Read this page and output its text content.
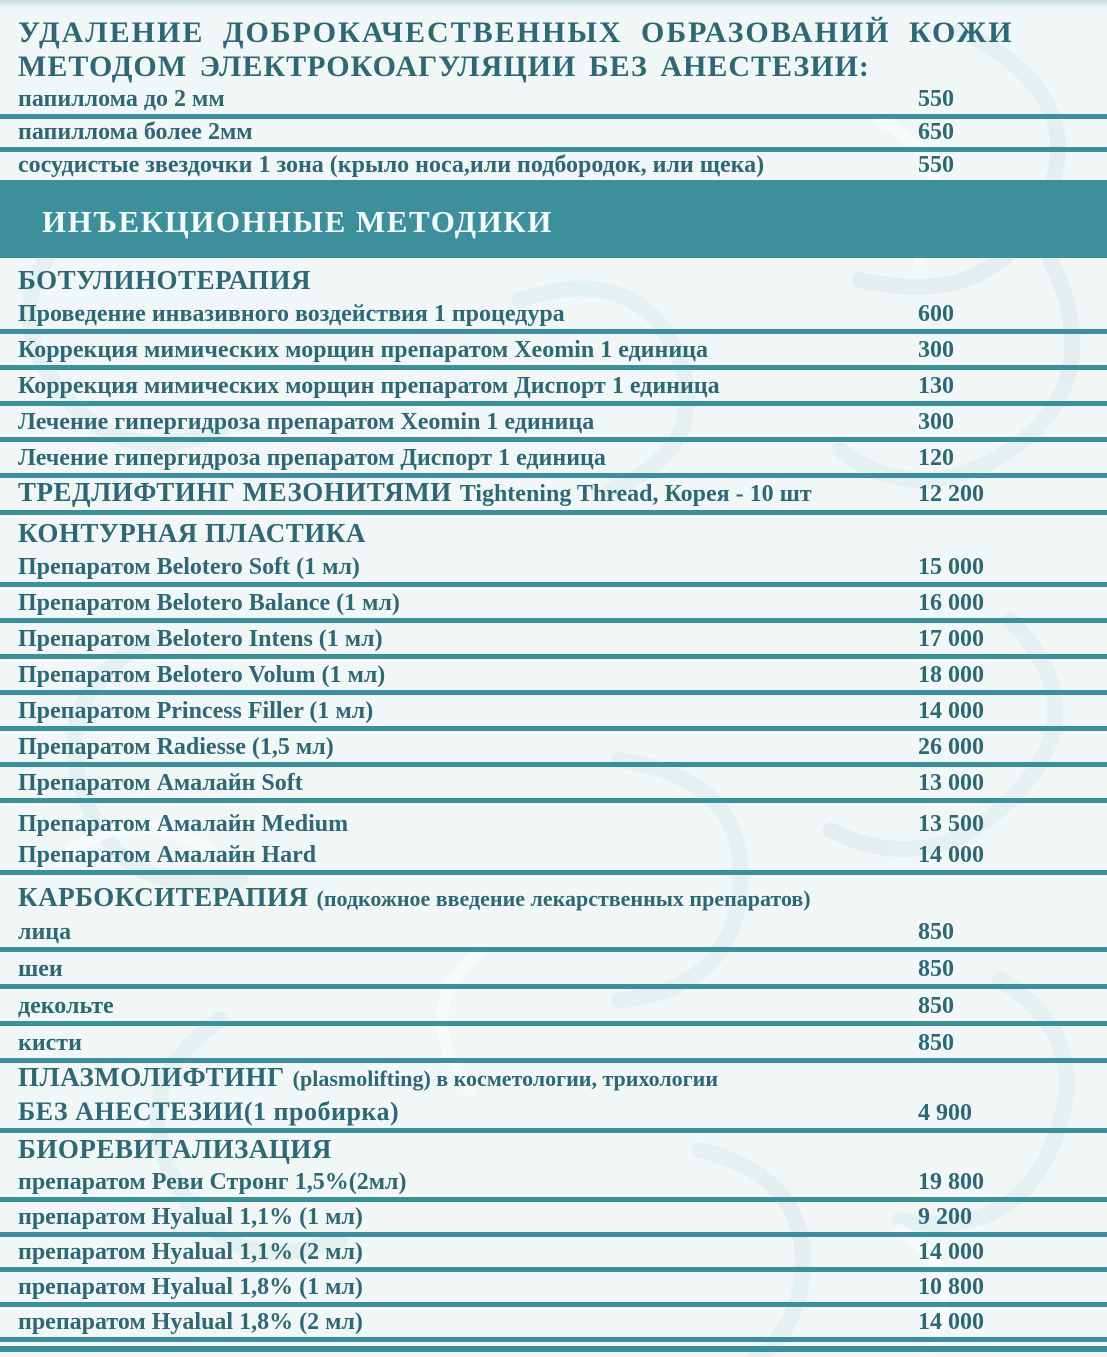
УДАЛЕНИЕ ДОБРОКАЧЕСТВЕННЫХ ОБРАЗОВАНИЙ КОЖИ
МЕТОДОМ ЭЛЕКТРОКОАГУЛЯЦИИ БЕЗ АНЕСТЕЗИИ:
папиллома до 2 мм	550
папиллома более 2мм	650
сосудистые звездочки 1 зона (крыло носа,или подбородок, или щека)	550
ИНЪЕКЦИОННЫЕ МЕТОДИКИ
БОТУЛИНОТЕРАПИЯ
Проведение инвазивного воздействия 1 процедура	600
Коррекция мимических морщин препаратом Xeomin 1 единица	300
Коррекция мимических морщин препаратом Диспорт 1 единица	130
Лечение гипергидроза препаратом Xeomin 1 единица	300
Лечение гипергидроза препаратом Диспорт 1 единица	120
ТРЕДЛИФТИНГ МЕЗОНИТЯМИ Tightening Thread, Корея - 10 шт	12 200
КОНТУРНАЯ ПЛАСТИКА
Препаратом Belotero Soft (1 мл)	15 000
Препаратом Belotero Balance (1 мл)	16 000
Препаратом Belotero Intens (1 мл)	17 000
Препаратом Belotero Volum (1 мл)	18 000
Препаратом Princess Filler (1 мл)	14 000
Препаратом Radiesse (1,5 мл)	26 000
Препаратом Амалайн Soft	13 000
Препаратом Амалайн Medium	13 500
Препаратом Амалайн Hard	14 000
КАРБОКСИТЕРАПИЯ (подкожное введение лекарственных препаратов)
лица	850
шеи	850
декольте	850
кисти	850
ПЛАЗМОЛИФТИНГ (plasmolifting) в косметологии, трихологии
БЕЗ АНЕСТЕЗИИ(1 пробирка)	4 900
БИОРЕВИТАЛИЗАЦИЯ
препаратом Реви Стронг 1,5%(2мл)	19 800
препаратом Hyalual 1,1% (1 мл)	9 200
препаратом Hyalual 1,1% (2 мл)	14 000
препаратом Hyalual 1,8% (1 мл)	10 800
препаратом Hyalual 1,8% (2 мл)	14 000
